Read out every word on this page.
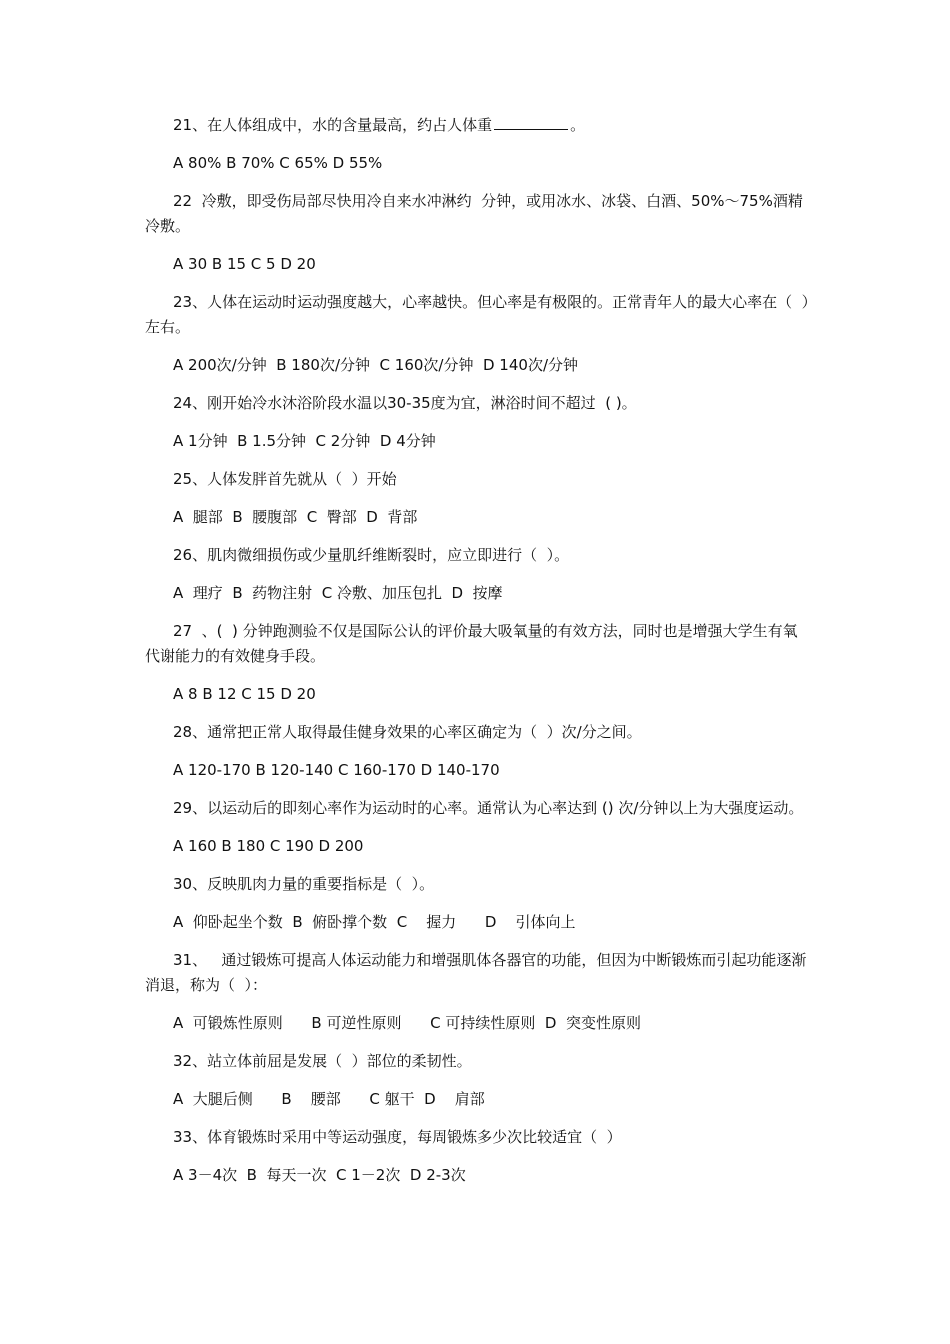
21、在人体组成中，水的含量最高，约占人体重	。

A 80% B 70% C 65% D 55%

22  冷敷，即受伤局部尽快用冷自来水冲淋约  分钟，或用冰水、冰袋、白酒、50%～75%酒精冷敷。

A 30 B 15 C 5 D 20

23、人体在运动时运动强度越大，心率越快。但心率是有极限的。正常青年人的最大心率在（  ）左右。

A 200次/分钟  B 180次/分钟  C 160次/分钟  D 140次/分钟

24、刚开始冷水沐浴阶段水温以30-35度为宜，淋浴时间不超过  ( )。

A 1分钟  B 1.5分钟  C 2分钟  D 4分钟

25、人体发胖首先就从（  ）开始

A  腿部  B  腰腹部  C  臀部  D  背部

26、肌肉微细损伤或少量肌纤维断裂时，应立即进行（  ）。

A  理疗  B  药物注射  C 冷敷、加压包扎  D  按摩

27  、(  ) 分钟跑测验不仅是国际公认的评价最大吸氧量的有效方法，同时也是增强大学生有氧代谢能力的有效健身手段。

A 8 B 12 C 15 D 20

28、通常把正常人取得最佳健身效果的心率区确定为（  ）次/分之间。

A 120-170 B 120-140 C 160-170 D 140-170

29、以运动后的即刻心率作为运动时的心率。通常认为心率达到 () 次/分钟以上为大强度运动。

A 160 B 180 C 190 D 200

30、反映肌肉力量的重要指标是（  ）。

A  仰卧起坐个数  B  俯卧撑个数  C    握力      D    引体向上

31、   通过锻炼可提高人体运动能力和增强肌体各器官的功能，但因为中断锻炼而引起功能逐渐消退，称为（  ）：

A  可锻炼性原则      B 可逆性原则      C 可持续性原则  D  突变性原则

32、站立体前屈是发展（  ）部位的柔韧性。

A  大腿后侧      B    腰部      C 躯干  D    肩部

33、体育锻炼时采用中等运动强度，每周锻炼多少次比较适宜（  ）

A 3－4次  B  每天一次  C 1－2次  D 2-3次
